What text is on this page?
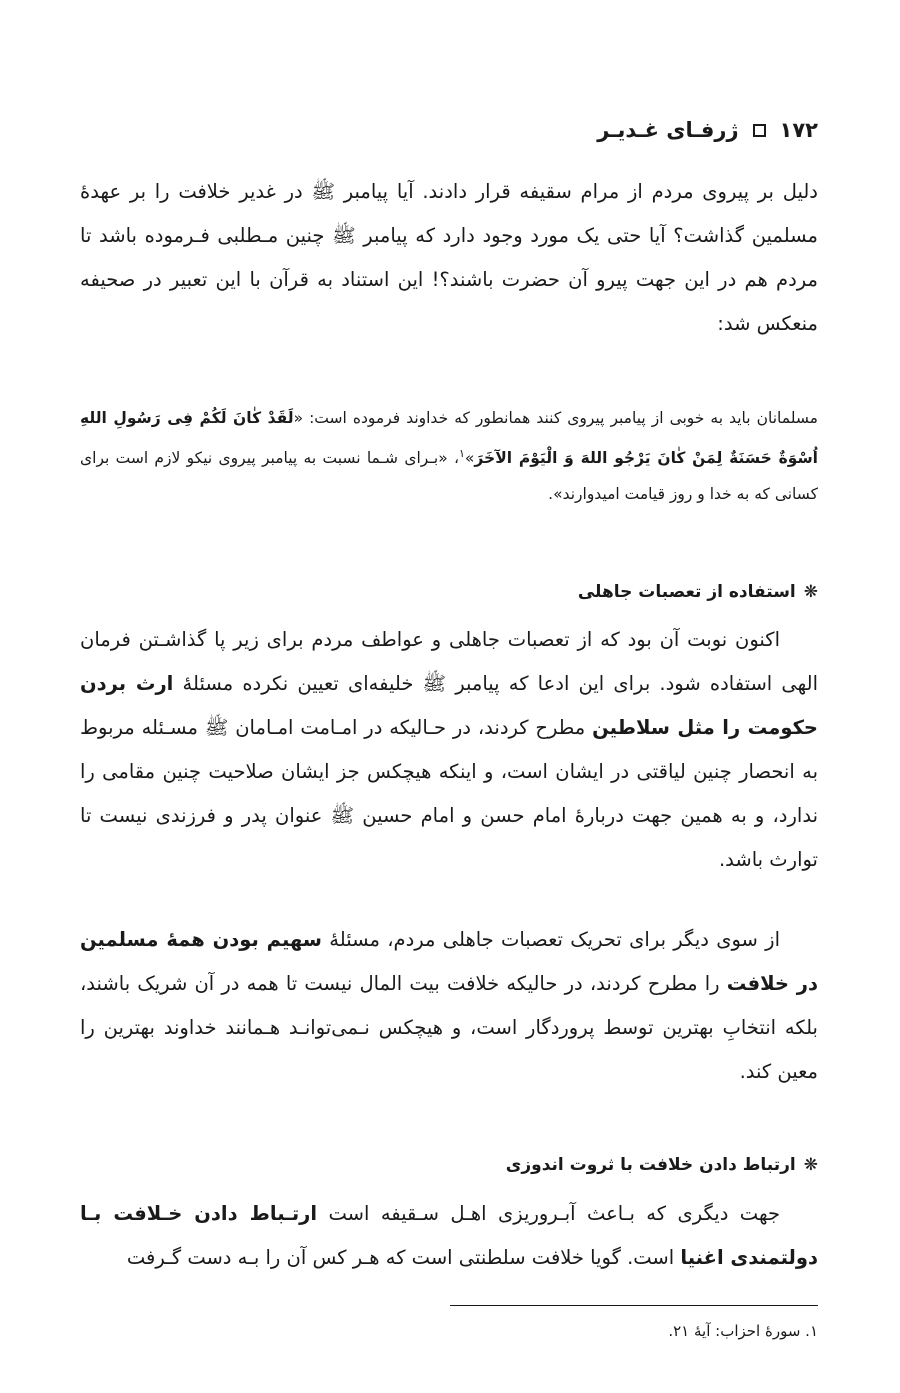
۱۷۲
ژرفـای غـدیـر

دلیل بر پیروی مردم از مرام سقیفه قرار دادند. آیا پیامبر ﷺ در غدیر خلافت را بر عهدهٔ مسلمین گذاشت؟ آیا حتی یک مورد وجود دارد که پیامبر ﷺ چنین مـطلبی فـرموده باشد تا مردم هم در این جهت پیرو آن حضرت باشند؟! این استناد به قرآن با این تعبیر در صحیفه منعکس شد:

مسلمانان باید به خوبی از پیامبر پیروی کنند همانطور که خداوند فرموده است: «لَقَدْ کٰانَ لَکُمْ فِی رَسُولِ اللهِ اُسْوَةٌ حَسَنَةٌ لِمَنْ کٰانَ یَرْجُو اللهَ وَ الْیَوْمَ الآخَرَ»$^۱$، «بـرای شـما نسبت به پیامبر پیروی نیکو لازم است برای کسانی که به خدا و روز قیامت امیدوارند».

❋استفاده از تعصبات جاهلی

اکنون نوبت آن بود که از تعصبات جاهلی و عواطف مردم برای زیر پا گذاشـتن فرمان الهی استفاده شود. برای این ادعا که پیامبر ﷺ خلیفه‌ای تعیین نکرده مسئلهٔ ارث بردن حکومت را مثل سلاطین مطرح کردند، در حـالیکه در امـامت امـامان ﷺ مسـئله مربوط به انحصار چنین لیاقتی در ایشان است، و اینکه هیچکس جز ایشان صلاحیت چنین مقامی را ندارد، و به همین جهت دربارهٔ امام حسن و امام حسین ﷺ عنوان پدر و فرزندی نیست تا توارث باشد.

از سوی دیگر برای تحریک تعصبات جاهلی مردم، مسئلهٔ سهیم بودن همهٔ مسلمین در خلافت را مطرح کردند، در حالیکه خلافت بیت المال نیست تا همه در آن شریک باشند، بلکه انتخابِ بهترین توسط پروردگار است، و هیچکس نـمی‌توانـد هـمانند خداوند بهترین را معین کند.

❋ارتباط دادن خلافت با ثروت اندوزی

جهت دیگری که بـاعث آبـروریزی اهـل سـقیفه است ارتـباط دادن خـلافت بـا دولتمندی اغنیا است. گویا خلافت سلطنتی است که هـر کس آن را بـه دست گـرفت

۱. سورهٔ احزاب: آیهٔ ۲۱.
